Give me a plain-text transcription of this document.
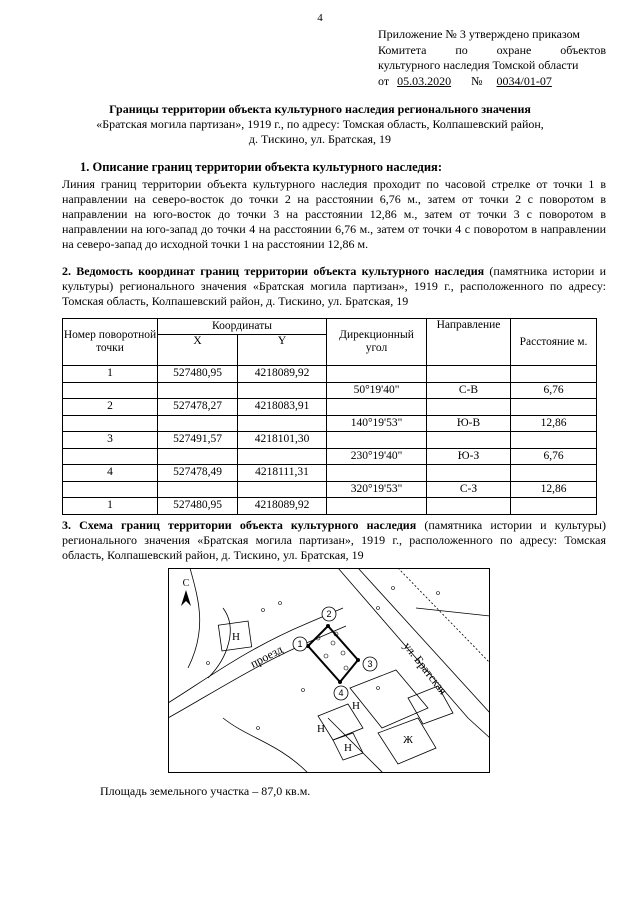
4
Приложение № 3 утверждено приказом
Комитета по охране объектов
культурного наследия Томской области
от 05.03.2020 № 0034/01-07
Границы территории объекта культурного наследия регионального значения
«Братская могила партизан», 1919 г., по адресу: Томская область, Колпашевский район,
д. Тискино, ул. Братская, 19
1. Описание границ территории объекта культурного наследия:
Линия границ территории объекта культурного наследия проходит по часовой стрелке от точки 1 в направлении на северо-восток до точки 2 на расстоянии 6,76 м., затем от точки 2 с поворотом в направлении на юго-восток до точки 3 на расстоянии 12,86 м., затем от точки 3 с поворотом в направлении на юго-запад до точки 4 на расстоянии 6,76 м., затем от точки 4 с поворотом в направлении на северо-запад до исходной точки 1 на расстоянии 12,86 м.
2. Ведомость координат границ территории объекта культурного наследия (памятника истории и культуры) регионального значения «Братская могила партизан», 1919 г., расположенного по адресу: Томская область, Колпашевский район, д. Тискино, ул. Братская, 19
Номер поворотной точки	Координаты		Дирекционный угол	Направление	Расстояние м.
	X	Y			
1	527480,95	4218089,92			
			50°19'40"	С-В	6,76
2	527478,27	4218083,91			
			140°19'53"	Ю-В	12,86
3	527491,57	4218101,30			
			230°19'40"	Ю-З	6,76
4	527478,49	4218111,31			
			320°19'53"	С-З	12,86
1	527480,95	4218089,92			
3. Схема границ территории объекта культурного наследия (памятника истории и культуры) регионального значения «Братская могила партизан», 1919 г., расположенного по адресу: Томская область, Колпашевский район, д. Тискино, ул. Братская, 19
1
2
3
4
С
Н
Н
Н
Н
Ж
проезд	ул. Братская
Площадь земельного участка – 87,0 кв.м.
